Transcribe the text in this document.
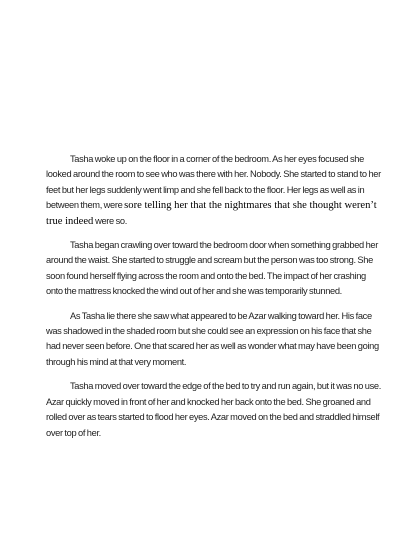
Tasha woke up on the floor in a corner of the bedroom. As her eyes focused she looked around the room to see who was there with her. Nobody. She started to stand to her feet but her legs suddenly went limp and she fell back to the floor. Her legs as well as in between them, were sore telling her that the nightmares that she thought weren’t true indeed were so.

Tasha began crawling over toward the bedroom door when something grabbed her around the waist. She started to struggle and scream but the person was too strong. She soon found herself flying across the room and onto the bed. The impact of her crashing onto the mattress knocked the wind out of her and she was temporarily stunned.

As Tasha lie there she saw what appeared to be Azar walking toward her. His face was shadowed in the shaded room but she could see an expression on his face that she had never seen before. One that scared her as well as wonder what may have been going through his mind at that very moment.

Tasha moved over toward the edge of the bed to try and run again, but it was no use. Azar quickly moved in front of her and knocked her back onto the bed. She groaned and rolled over as tears started to flood her eyes. Azar moved on the bed and straddled himself over top of her.
